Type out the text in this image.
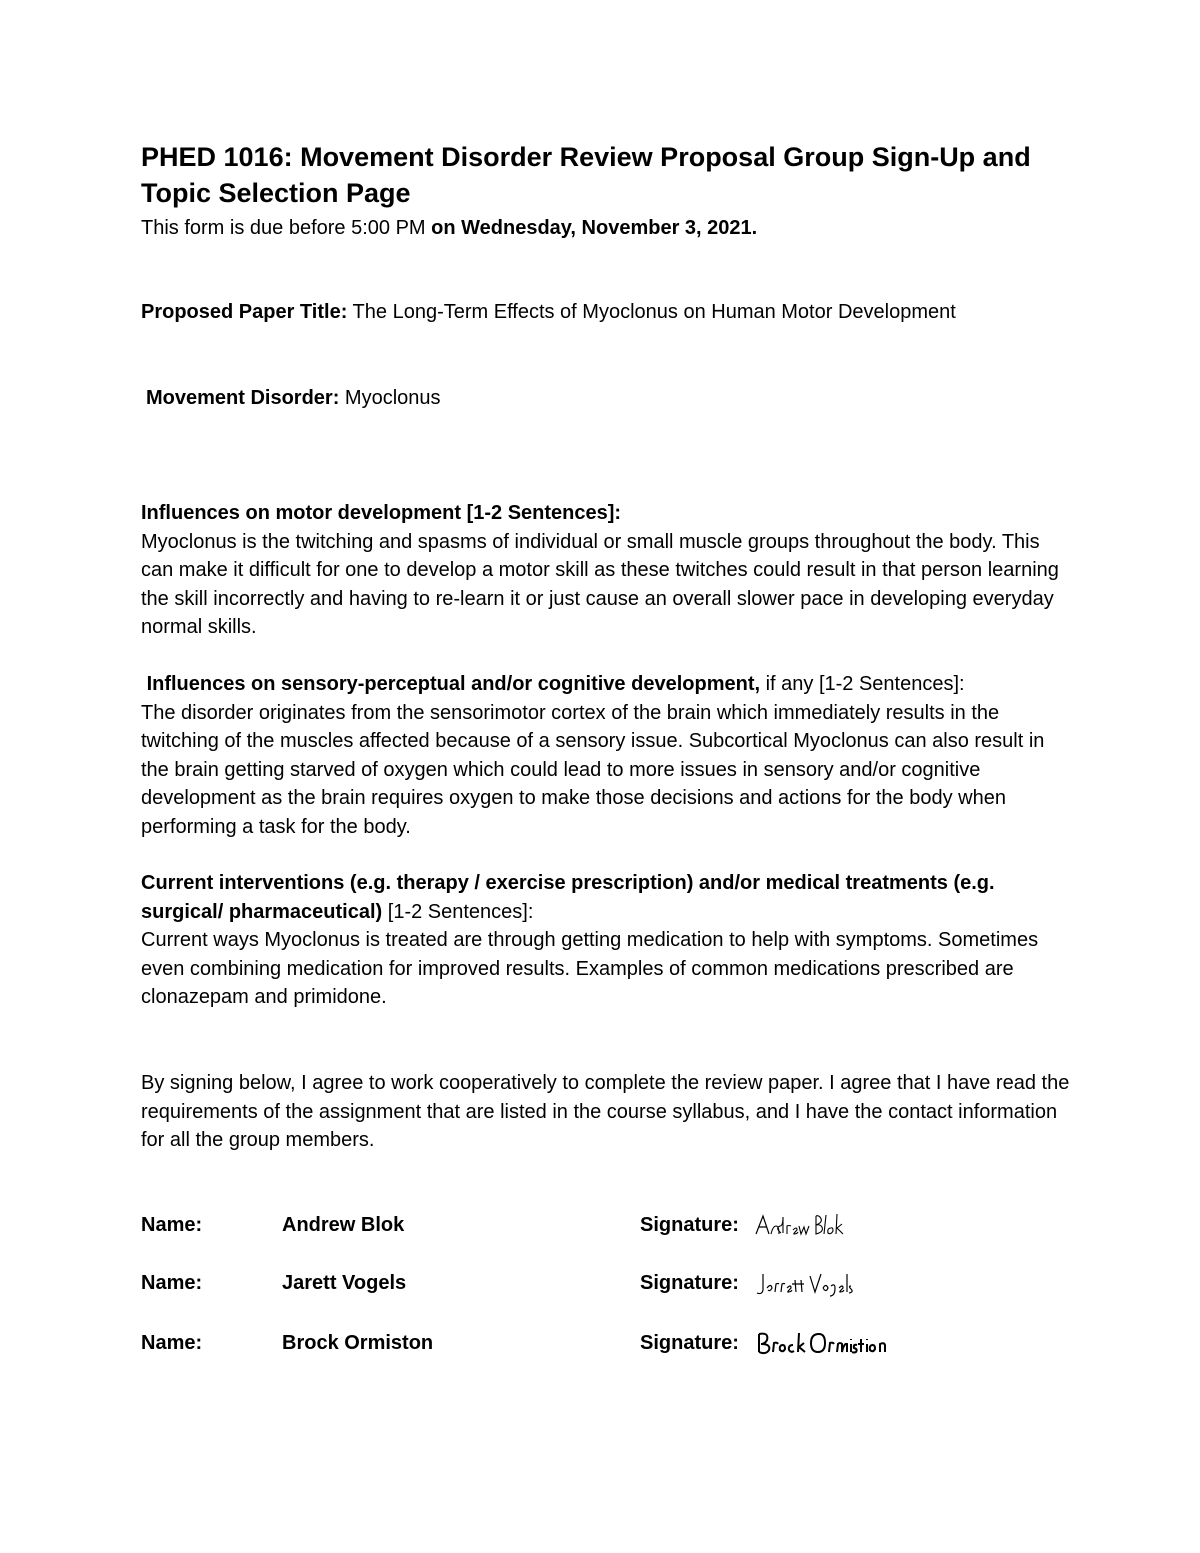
PHED 1016: Movement Disorder Review Proposal Group Sign-Up and Topic Selection Page
This form is due before 5:00 PM on Wednesday, November 3, 2021.
Proposed Paper Title: The Long-Term Effects of Myoclonus on Human Motor Development
Movement Disorder: Myoclonus
Influences on motor development [1-2 Sentences]:
Myoclonus is the twitching and spasms of individual or small muscle groups throughout the body. This can make it difficult for one to develop a motor skill as these twitches could result in that person learning the skill incorrectly and having to re-learn it or just cause an overall slower pace in developing everyday normal skills.
Influences on sensory-perceptual and/or cognitive development, if any [1-2 Sentences]:
The disorder originates from the sensorimotor cortex of the brain which immediately results in the twitching of the muscles affected because of a sensory issue. Subcortical Myoclonus can also result in the brain getting starved of oxygen which could lead to more issues in sensory and/or cognitive development as the brain requires oxygen to make those decisions and actions for the body when performing a task for the body.
Current interventions (e.g. therapy / exercise prescription) and/or medical treatments (e.g. surgical/ pharmaceutical) [1-2 Sentences]:
Current ways Myoclonus is treated are through getting medication to help with symptoms. Sometimes even combining medication for improved results. Examples of common medications prescribed are clonazepam and primidone.
By signing below, I agree to work cooperatively to complete the review paper. I agree that I have read the requirements of the assignment that are listed in the course syllabus, and I have the contact information for all the group members.
Name:	Andrew Blok	Signature:
Name:	Jarett Vogels	Signature:
Name:	Brock Ormiston	Signature:
